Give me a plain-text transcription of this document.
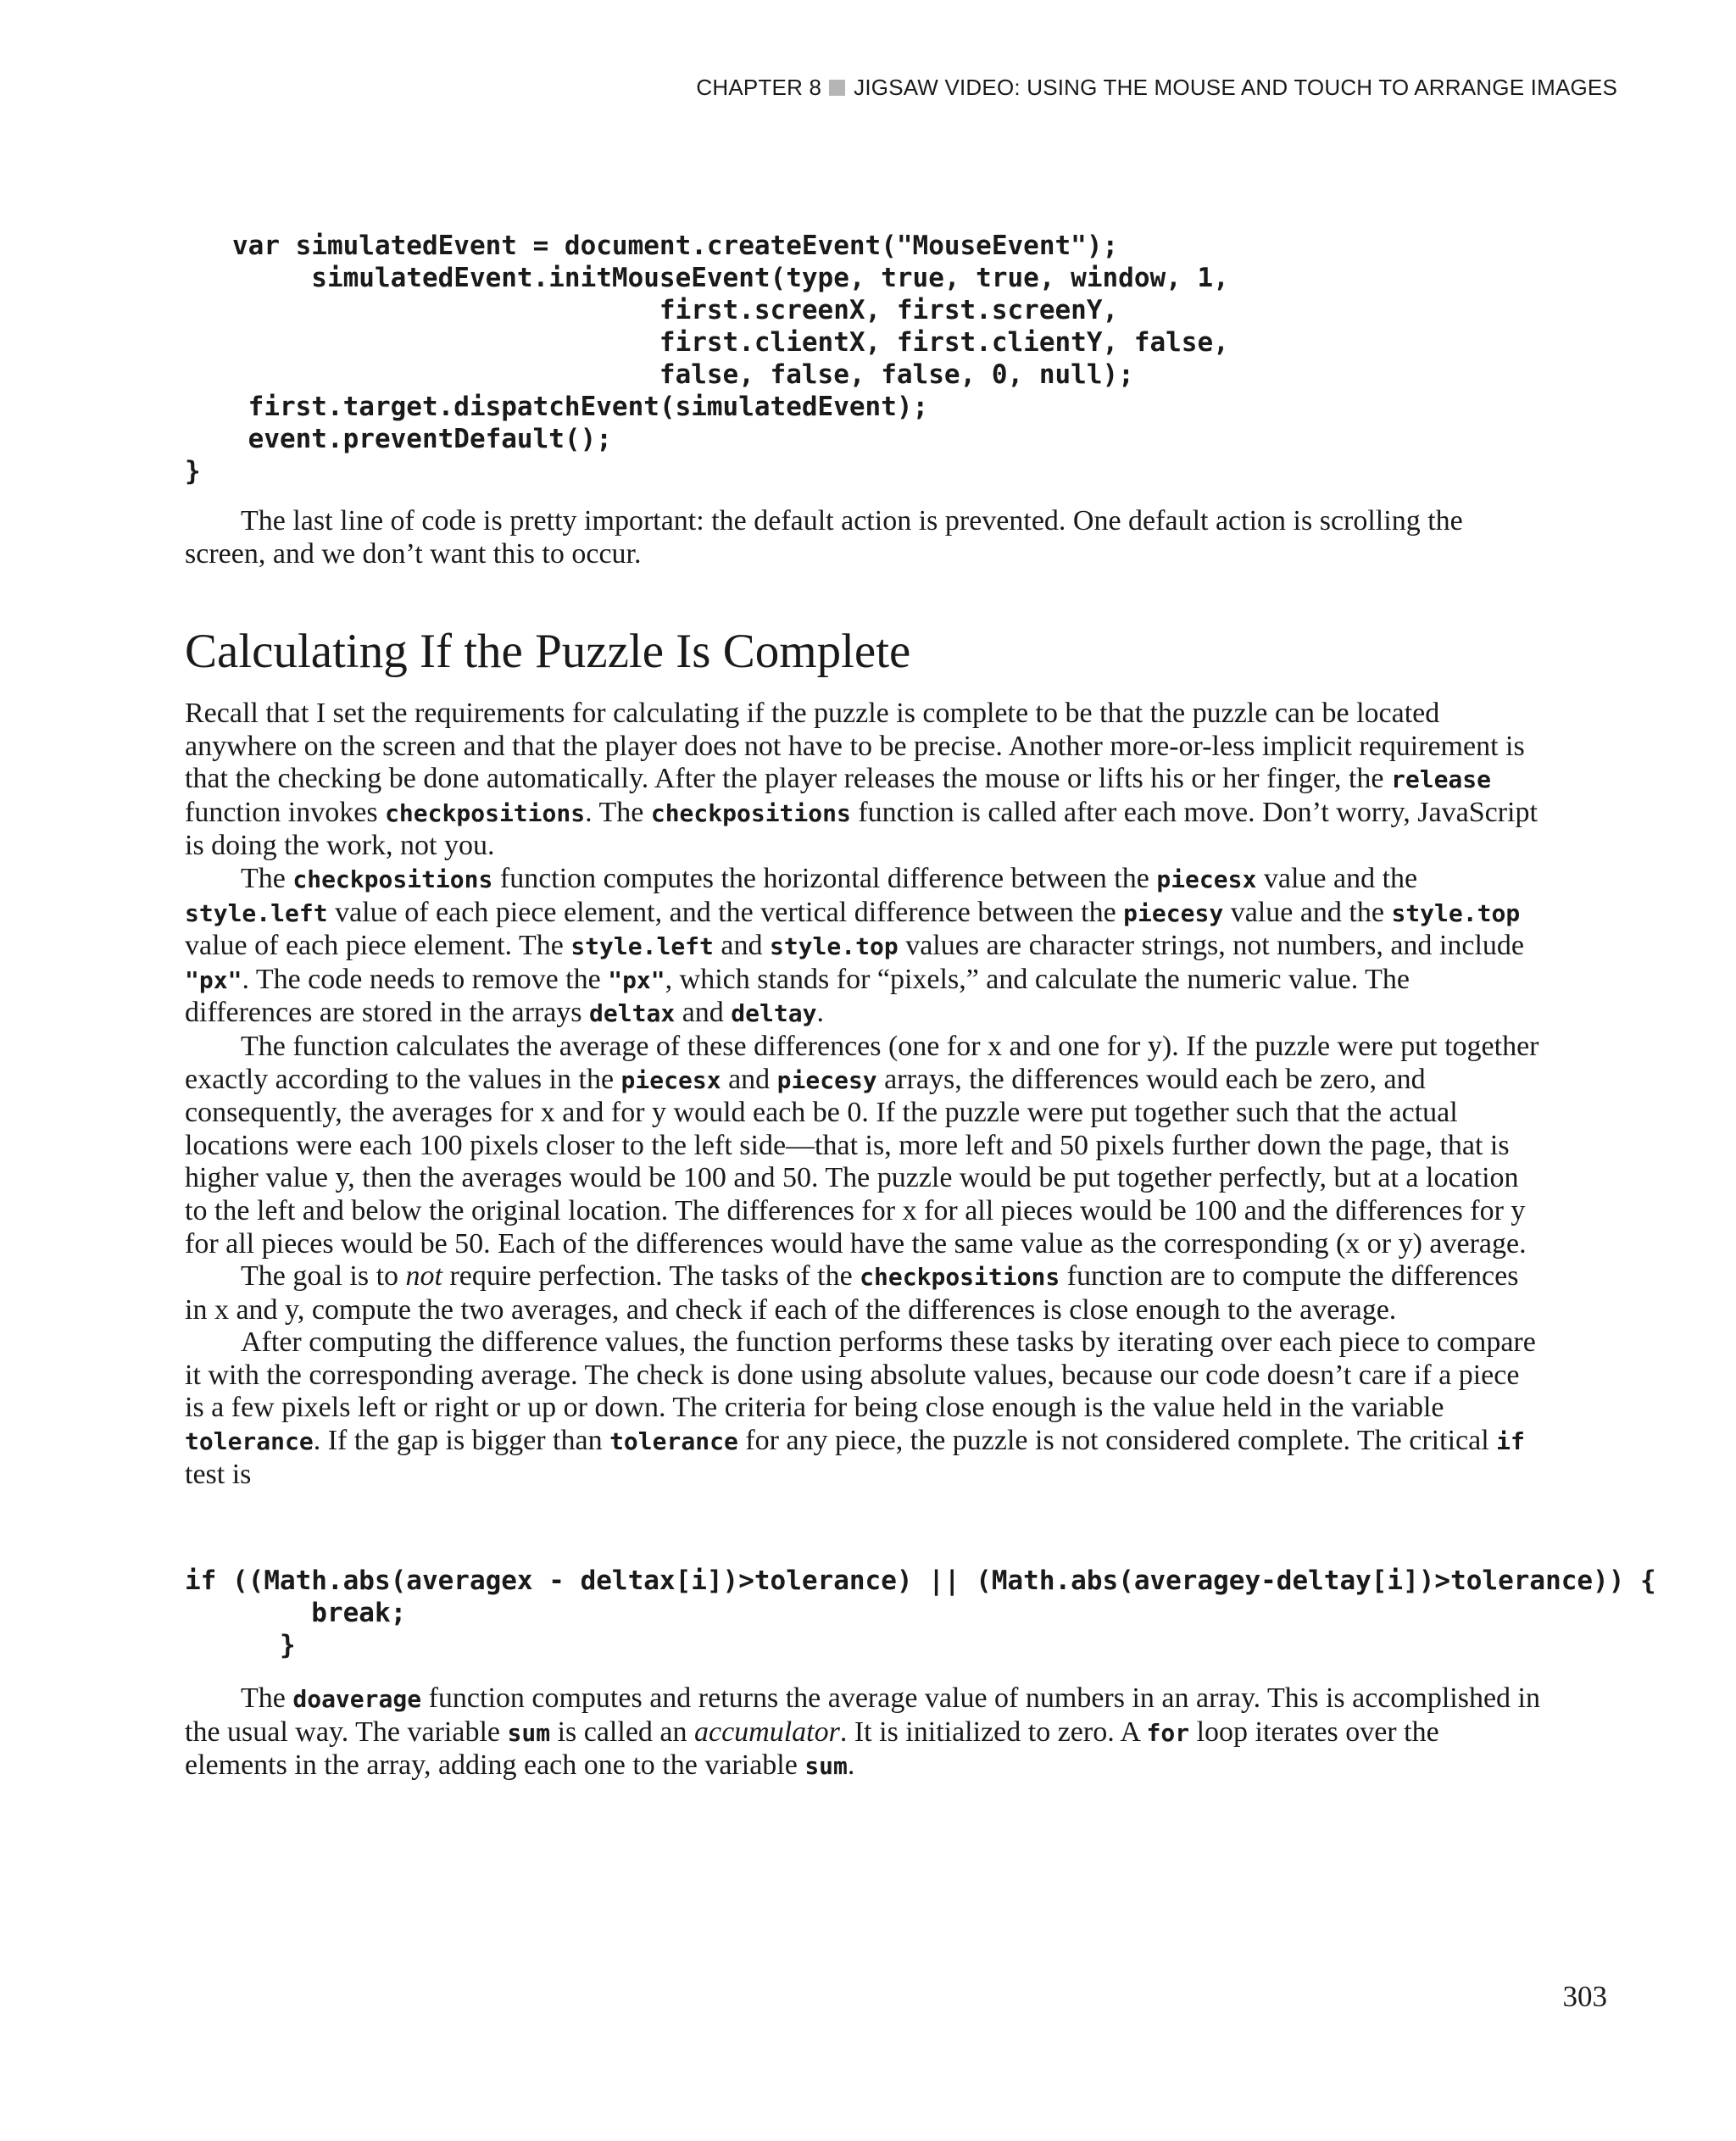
CHAPTER 8 JIGSAW VIDEO: USING THE MOUSE AND TOUCH TO ARRANGE IMAGES
var simulatedEvent = document.createEvent("MouseEvent");
simulatedEvent.initMouseEvent(type, true, true, window, 1,
first.screenX, first.screenY,
first.clientX, first.clientY, false,
false, false, false, 0, null);
first.target.dispatchEvent(simulatedEvent);
event.preventDefault();
}

The last line of code is pretty important: the default action is prevented. One default action is scrolling the screen, and we don’t want this to occur.

Calculating If the Puzzle Is Complete

Recall that I set the requirements for calculating if the puzzle is complete to be that the puzzle can be located anywhere on the screen and that the player does not have to be precise. Another more-or-less implicit requirement is that the checking be done automatically. After the player releases the mouse or lifts his or her finger, the release function invokes checkpositions. The checkpositions function is called after each move. Don’t worry, JavaScript is doing the work, not you.

The checkpositions function computes the horizontal difference between the piecesx value and the style.left value of each piece element, and the vertical difference between the piecesy value and the style.top value of each piece element. The style.left and style.top values are character strings, not numbers, and include "px". The code needs to remove the "px", which stands for “pixels,” and calculate the numeric value. The differences are stored in the arrays deltax and deltay.

The function calculates the average of these differences (one for x and one for y). If the puzzle were put together exactly according to the values in the piecesx and piecesy arrays, the differences would each be zero, and consequently, the averages for x and for y would each be 0. If the puzzle were put together such that the actual locations were each 100 pixels closer to the left side—that is, more left and 50 pixels further down the page, that is higher value y, then the averages would be 100 and 50. The puzzle would be put together perfectly, but at a location to the left and below the original location. The differences for x for all pieces would be 100 and the differences for y for all pieces would be 50. Each of the differences would have the same value as the corresponding (x or y) average.

The goal is to not require perfection. The tasks of the checkpositions function are to compute the differences in x and y, compute the two averages, and check if each of the differences is close enough to the average.

After computing the difference values, the function performs these tasks by iterating over each piece to compare it with the corresponding average. The check is done using absolute values, because our code doesn’t care if a piece is a few pixels left or right or up or down. The criteria for being close enough is the value held in the variable tolerance. If the gap is bigger than tolerance for any piece, the puzzle is not considered complete. The critical if test is

if ((Math.abs(averagex - deltax[i])>tolerance) || (Math.abs(averagey-deltay[i])>tolerance)) {
break;
}

The doaverage function computes and returns the average value of numbers in an array. This is accomplished in the usual way. The variable sum is called an accumulator. It is initialized to zero. A for loop iterates over the elements in the array, adding each one to the variable sum.

303
